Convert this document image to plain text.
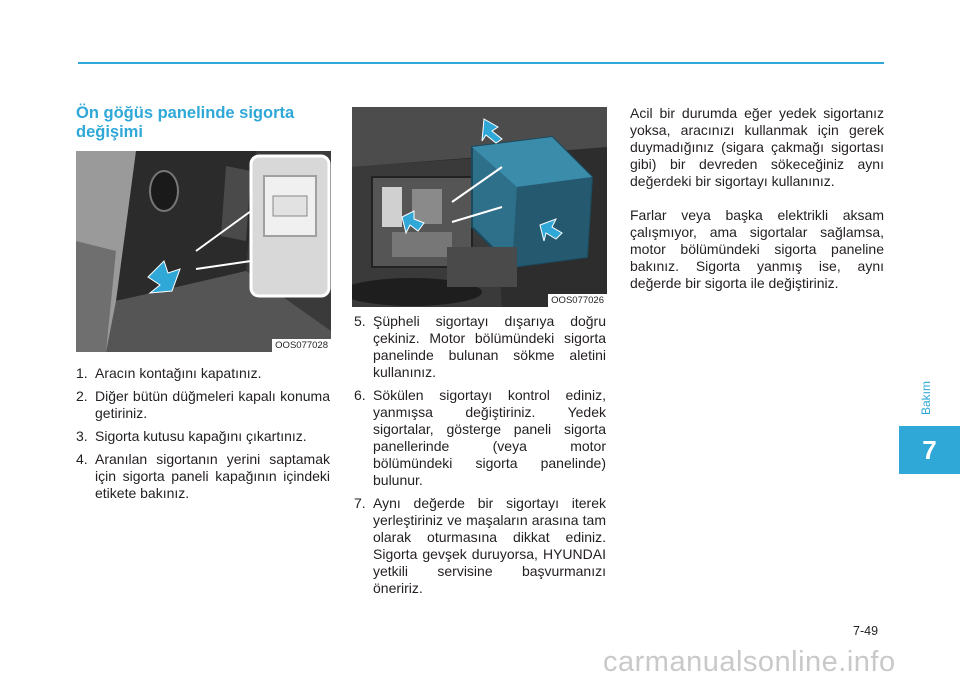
Bakım
7
Ön göğüs panelinde sigorta değişimi
OOS077028
OOS077026
1. Aracın kontağını kapatınız.
2. Diğer bütün düğmeleri kapalı konuma getiriniz.
3. Sigorta kutusu kapağını çıkartınız.
4. Aranılan sigortanın yerini saptamak için sigorta paneli kapağının içindeki etikete bakınız.
5. Şüpheli sigortayı dışarıya doğru çekiniz. Motor bölümündeki sigorta panelinde bulunan sökme aletini kullanınız.
6. Sökülen sigortayı kontrol ediniz, yanmışsa değiştiriniz. Yedek sigortalar, gösterge paneli sigorta panellerinde (veya motor bölümündeki sigorta panelinde) bulunur.
7. Aynı değerde bir sigortayı iterek yerleştiriniz ve maşaların arasına tam olarak oturmasına dikkat ediniz. Sigorta gevşek duruyorsa, HYUNDAI yetkili servisine başvurmanızı öneririz.

Acil bir durumda eğer yedek sigortanız yoksa, aracınızı kullanmak için gerek duymadığınız (sigara çakmağı sigortası gibi) bir devreden sökeceğiniz aynı değerdeki bir sigortayı kullanınız.

Farlar veya başka elektrikli aksam çalışmıyor, ama sigortalar sağlamsa, motor bölümündeki sigorta paneline bakınız. Sigorta yanmış ise, aynı değerde bir sigorta ile değiştiriniz.

7-49
carmanualsonline.info
